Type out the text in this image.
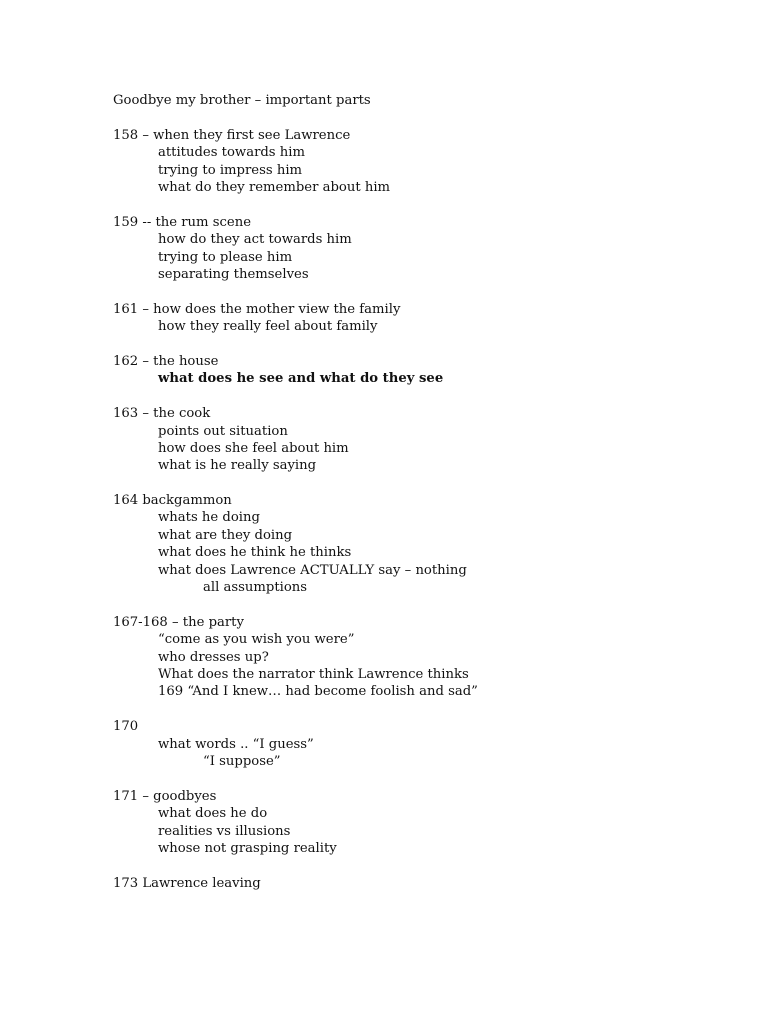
Goodbye my brother – important parts
158 – when they first see Lawrence
attitudes towards him
trying to impress him
what do they remember about him
159 -- the rum scene
how do they act towards him
trying to please him
separating themselves
161 – how does the mother view the family
how they really feel about family
162 – the house
what does he see and what do they see
163 – the cook
points out situation
how does she feel about him
what is he really saying
164 backgammon
whats he doing
what are they doing
what does he think he thinks
what does Lawrence ACTUALLY say – nothing
all assumptions
167-168 – the party
“come as you wish you were”
who dresses up?
What does the narrator think Lawrence thinks
169 “And I knew… had become foolish and sad”
170
what words .. “I guess”
“I suppose”
171 – goodbyes
what does he do
realities vs illusions
whose not grasping reality
173 Lawrence leaving
